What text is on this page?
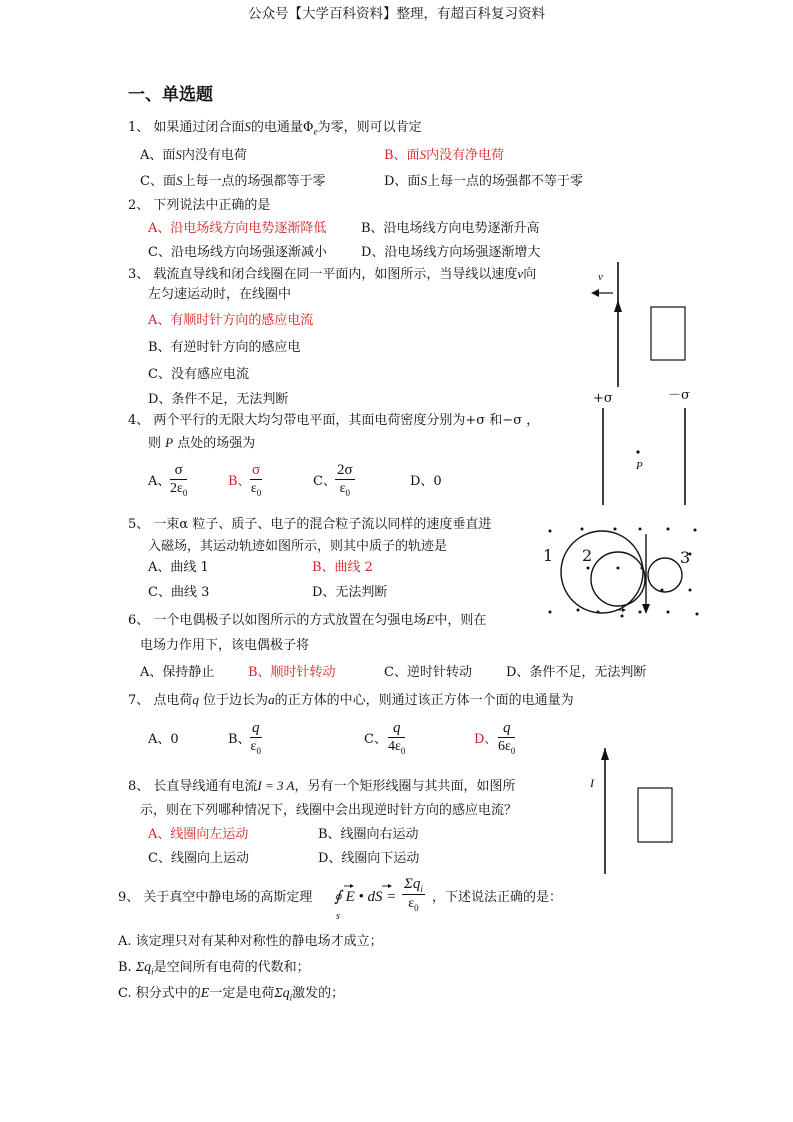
公众号【大学百科资料】整理，有超百科复习资料
一、单选题
1、 如果通过闭合面S的电通量$\Phi_e$为零，则可以肯定
A、面S内没有电荷	B、面S内没有净电荷
C、面S上每一点的场强都等于零	D、面S上每一点的场强都不等于零
2、 下列说法中正确的是
A、沿电场线方向电势逐渐降低	B、沿电场线方向电势逐渐升高
C、沿电场线方向场强逐渐减小	D、沿电场线方向场强逐渐增大
3、 载流直导线和闭合线圈在同一平面内，如图所示，当导线以速度v向
左匀速运动时，在线圈中
A、有顺时针方向的感应电流
B、有逆时针方向的感应电
C、没有感应电流
D、条件不足，无法判断
v
4、 两个平行的无限大均匀带电平面，其面电荷密度分别为+σ 和−σ ，
则 P 点处的场强为
A、
σ
$2\varepsilon_0$
B、
σ
$\varepsilon_0$
C、
2σ
$\varepsilon_0$
D、0
+σ	－σ
P
5、 一束α 粒子、质子、电子的混合粒子流以同样的速度垂直进
入磁场，其运动轨迹如图所示，则其中质子的轨迹是
A、曲线 1	B、曲线 2
C、曲线 3	D、无法判断
1 2	3
6、 一个电偶极子以如图所示的方式放置在匀强电场E中，则在
电场力作用下，该电偶极子将
A、保持静止	B、顺时针转动	C、逆时针转动	D、条件不足，无法判断
7、 点电荷q 位于边长为a的正方体的中心，则通过该正方体一个面的电通量为
A、0	B、
q
$\varepsilon_0$
C、
q
$4\varepsilon_0$
D、
q
$6\varepsilon_0$
8、 长直导线通有电流I = 3 A，另有一个矩形线圈与其共面，如图所
示，则在下列哪种情况下，线圈中会出现逆时针方向的感应电流？
A、线圈向左运动	B、线圈向右运动
C、线圈向上运动	D、线圈向下运动
I
9、 关于真空中静电场的高斯定理 ∮ E • dS =
s
$\Sigma q_i$
$\varepsilon_0$
，下述说法正确的是：
A. 该定理只对有某种对称性的静电场才成立；
B. $\Sigma q_i$是空间所有电荷的代数和；
C. 积分式中的E一定是电荷$\Sigma q_i$激发的；
